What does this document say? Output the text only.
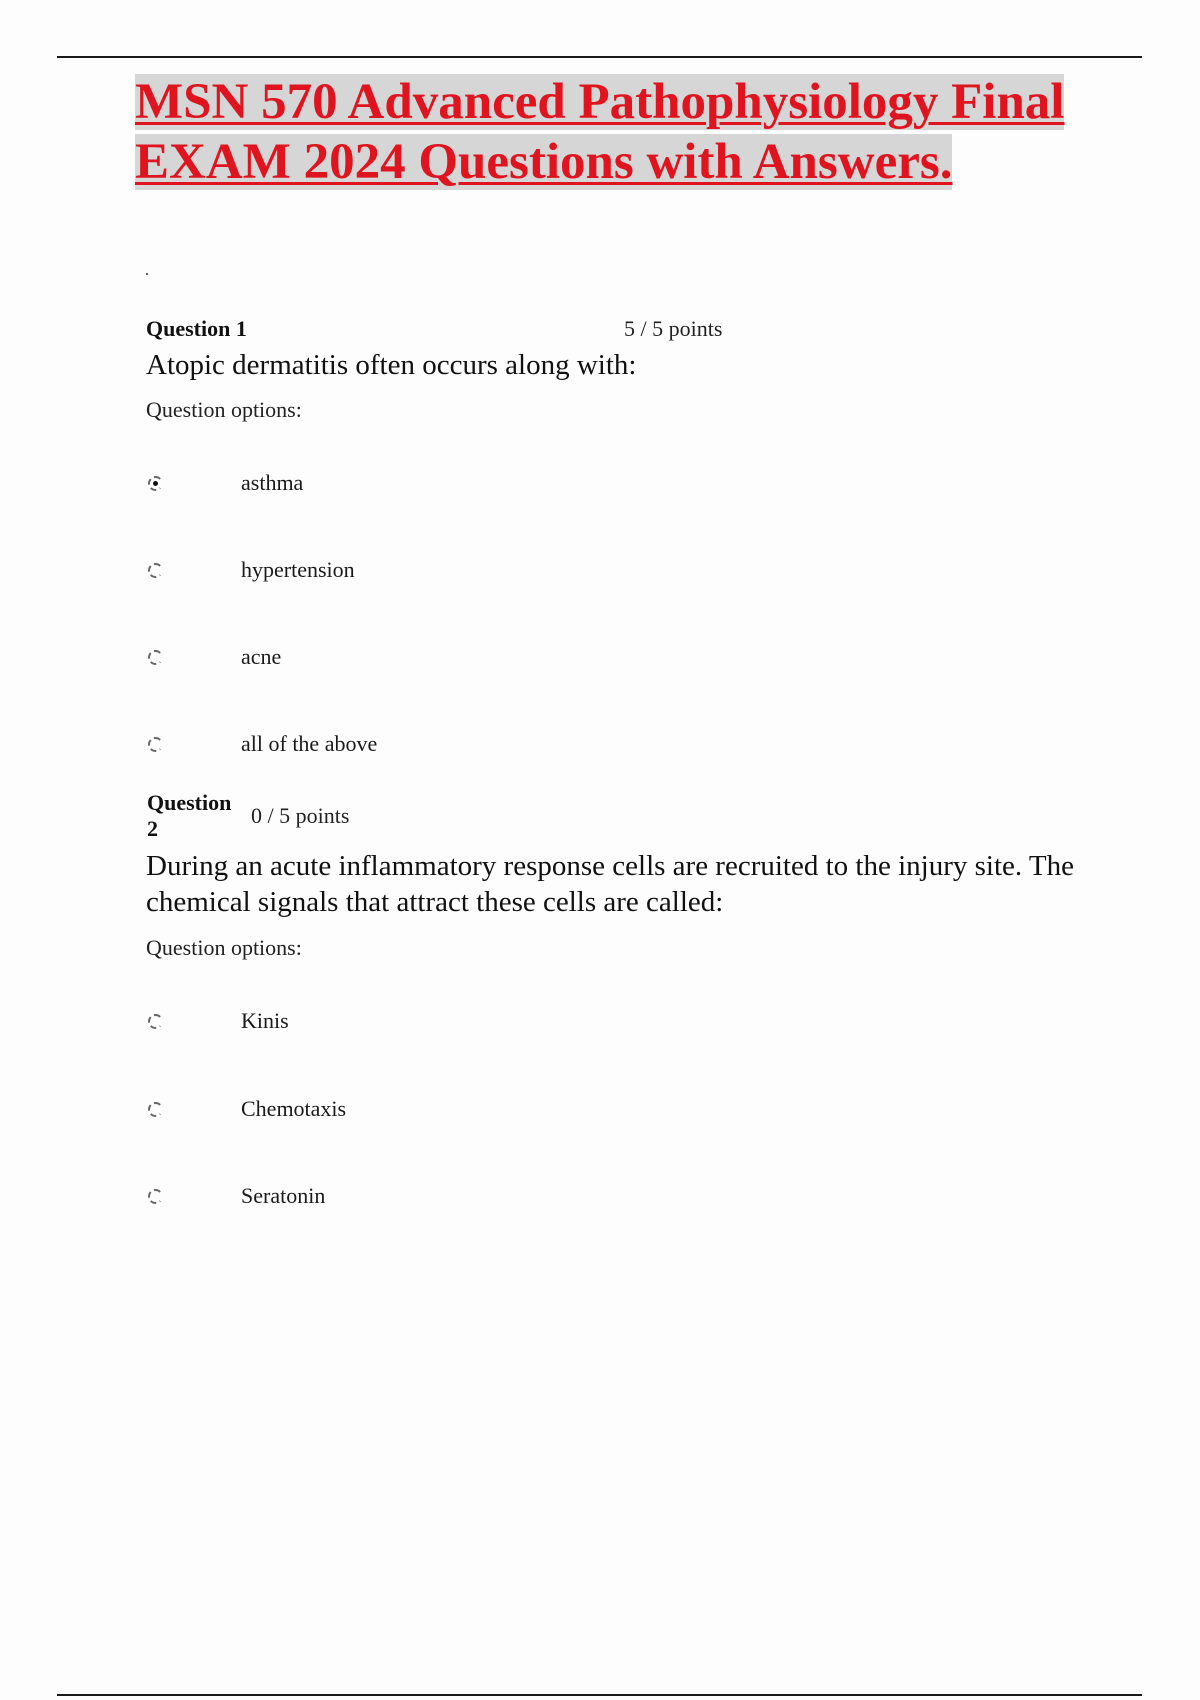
MSN 570 Advanced Pathophysiology Final
EXAM 2024 Questions with Answers.
.
Question 1	5 / 5 points

Atopic dermatitis often occurs along with:

Question options:
asthma
hypertension
acne
all of the above
Question
2
0 / 5 points

During an acute inflammatory response cells are recruited to the injury site. The chemical signals that attract these cells are called:

Question options:
Kinis
Chemotaxis
Seratonin
